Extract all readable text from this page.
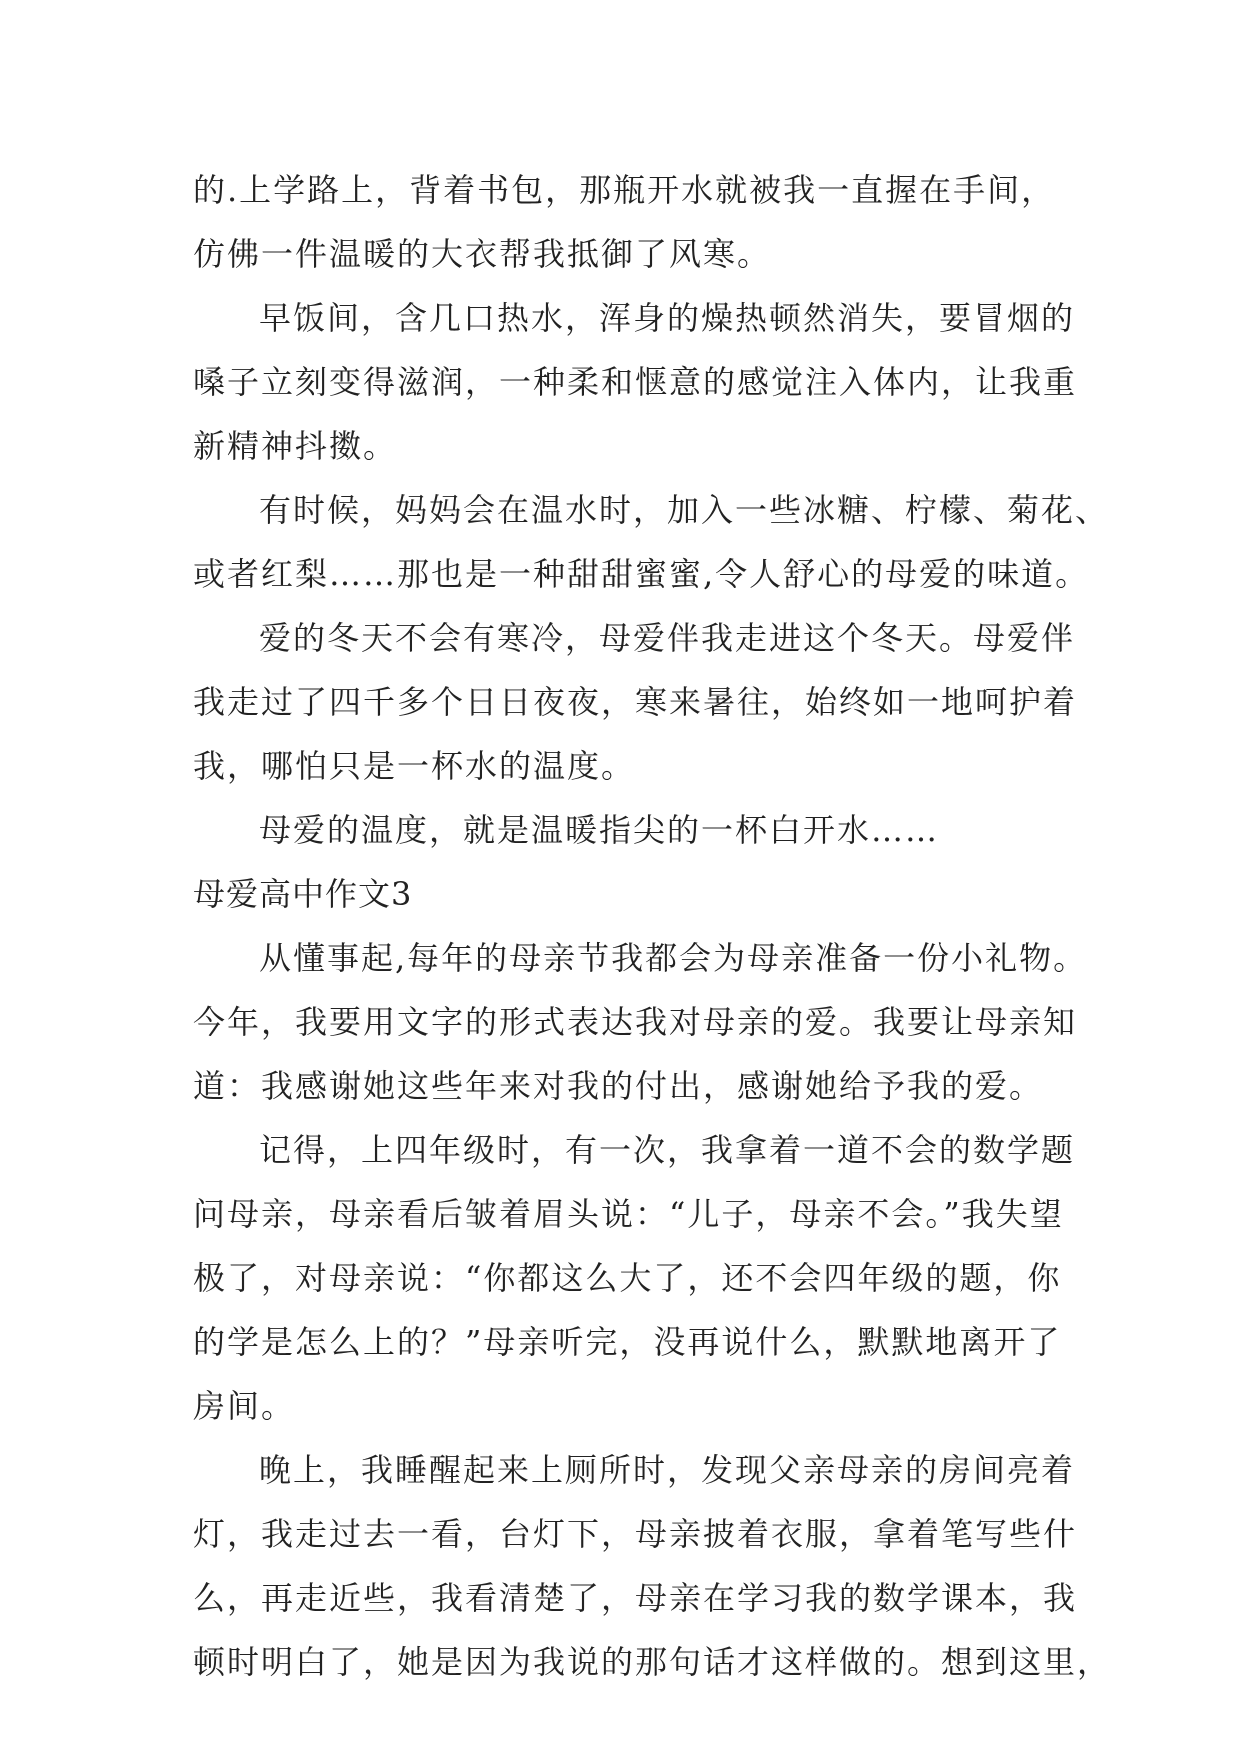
的.上学路上，背着书包，那瓶开水就被我一直握在手间，
仿佛一件温暖的大衣帮我抵御了风寒。
早饭间，含几口热水，浑身的燥热顿然消失，要冒烟的
嗓子立刻变得滋润，一种柔和惬意的感觉注入体内，让我重
新精神抖擞。
有时候，妈妈会在温水时，加入一些冰糖、柠檬、菊花、
或者红梨……那也是一种甜甜蜜蜜,令人舒心的母爱的味道。
爱的冬天不会有寒冷，母爱伴我走进这个冬天。母爱伴
我走过了四千多个日日夜夜，寒来暑往，始终如一地呵护着
我，哪怕只是一杯水的温度。
母爱的温度，就是温暖指尖的一杯白开水……
母爱高中作文3
从懂事起,每年的母亲节我都会为母亲准备一份小礼物。
今年，我要用文字的形式表达我对母亲的爱。我要让母亲知
道：我感谢她这些年来对我的付出，感谢她给予我的爱。
记得，上四年级时，有一次，我拿着一道不会的数学题
问母亲，母亲看后皱着眉头说：“儿子，母亲不会。”我失望
极了，对母亲说：“你都这么大了，还不会四年级的题，你
的学是怎么上的？”母亲听完，没再说什么，默默地离开了
房间。
晚上，我睡醒起来上厕所时，发现父亲母亲的房间亮着
灯，我走过去一看，台灯下，母亲披着衣服，拿着笔写些什
么，再走近些，我看清楚了，母亲在学习我的数学课本，我
顿时明白了，她是因为我说的那句话才这样做的。想到这里，
